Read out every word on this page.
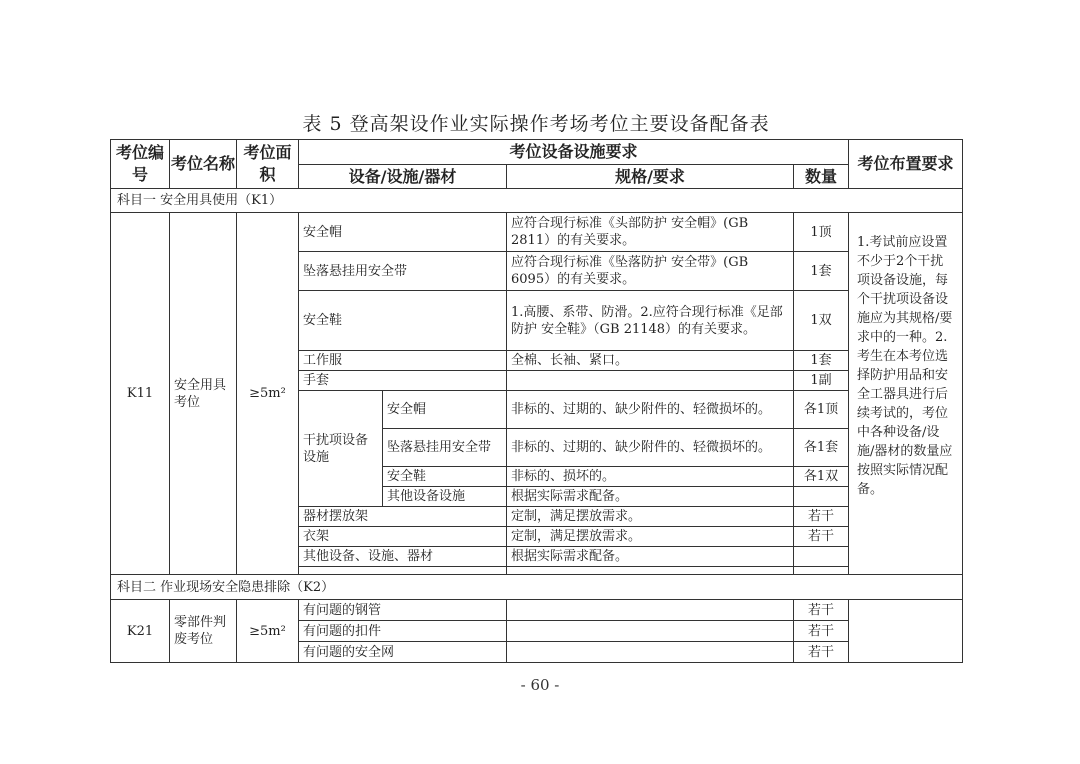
表 5 登高架设作业实际操作考场考位主要设备配备表
考位编号	考位名称	考位面积	考位设备设施要求				考位布置要求
			设备/设施/器材		规格/要求	数量	
科目一 安全用具使用（K1）							
K11	安全用具考位	≥5m²	安全帽		应符合现行标准《头部防护 安全帽》(GB 2811）的有关要求。	1顶	1.考试前应设置不少于2个干扰项设备设施，每个干扰项设备设施应为其规格/要求中的一种。2.考生在本考位选择防护用品和安全工器具进行后续考试的，考位中各种设备/设施/器材的数量应按照实际情况配备。
			坠落悬挂用安全带		应符合现行标准《坠落防护 安全带》(GB 6095）的有关要求。	1套	
			安全鞋		1.高腰、系带、防滑。2.应符合现行标准《足部防护 安全鞋》（GB 21148）的有关要求。	1双	
			工作服		全棉、长袖、紧口。	1套	
			手套			1副	
			干扰项设备设施	安全帽	非标的、过期的、缺少附件的、轻微损坏的。	各1顶	
				坠落悬挂用安全带	非标的、过期的、缺少附件的、轻微损坏的。	各1套	
				安全鞋	非标的、损坏的。	各1双	
				其他设备设施	根据实际需求配备。		
			器材摆放架		定制，满足摆放需求。	若干	
			衣架		定制，满足摆放需求。	若干	
			其他设备、设施、器材		根据实际需求配备。		

科目二 作业现场安全隐患排除（K2）							
K21	零部件判废考位	≥5m²	有问题的钢管			若干	
			有问题的扣件			若干	
			有问题的安全网			若干	
- 60 -
